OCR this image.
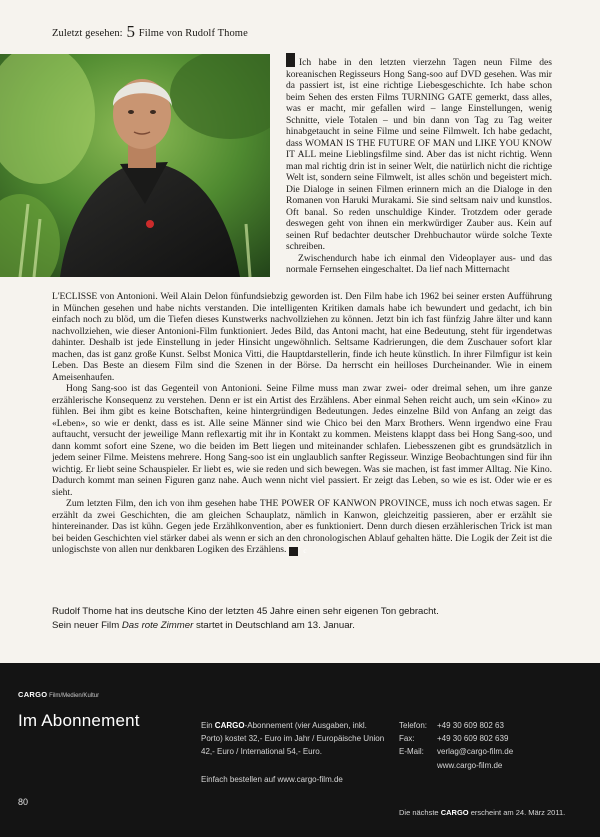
Zuletzt gesehen: 5 Filme von Rudolf Thome

Ich habe in den letzten vierzehn Tagen neun Filme des koreanischen Regisseurs Hong Sang-soo auf DVD gesehen. Was mir da passiert ist, ist eine richtige Liebesgeschichte. Ich habe schon beim Sehen des ersten Films TURNING GATE gemerkt, dass alles, was er macht, mir gefallen wird – lange Einstellungen, wenig Schnitte, viele Totalen – und bin dann von Tag zu Tag weiter hinabgetaucht in seine Filme und seine Filmwelt. Ich habe gedacht, dass WOMAN IS THE FUTURE OF MAN und LIKE YOU KNOW IT ALL meine Lieblingsfilme sind. Aber das ist nicht richtig. Wenn man mal richtig drin ist in seiner Welt, die natürlich nicht die richtige Welt ist, sondern seine Filmwelt, ist alles schön und begeistert mich. Die Dialoge in seinen Filmen erinnern mich an die Dialoge in den Romanen von Haruki Murakami. Sie sind seltsam naiv und kunstlos. Oft banal. So reden unschuldige Kinder. Trotzdem oder gerade deswegen geht von ihnen ein merkwürdiger Zauber aus. Kein auf seinen Ruf bedachter deutscher Drehbuchautor würde solche Texte schreiben.

Zwischendurch habe ich einmal den Videoplayer aus- und das normale Fernsehen eingeschaltet. Da lief nach Mitternacht

L'ECLISSE von Antonioni. Weil Alain Delon fünfundsiebzig geworden ist. Den Film habe ich 1962 bei seiner ersten Aufführung in München gesehen und habe nichts verstanden. Die intelligenten Kritiken damals habe ich bewundert und gedacht, ich bin einfach noch zu blöd, um die Tiefen dieses Kunstwerks nachvollziehen zu können. Jetzt bin ich fast fünfzig Jahre älter und kann nachvollziehen, wie dieser Antonioni-Film funktioniert. Jedes Bild, das Antoni macht, hat eine Bedeutung, steht für irgendetwas dahinter. Deshalb ist jede Einstellung in jeder Hinsicht ungewöhnlich. Seltsame Kadrierungen, die dem Zuschauer sofort klar machen, das ist ganz große Kunst. Selbst Monica Vitti, die Hauptdarstellerin, finde ich heute künstlich. In ihrer Filmfigur ist kein Leben. Das Beste an diesem Film sind die Szenen in der Börse. Da herrscht ein heilloses Durcheinander. Wie in einem Ameisenhaufen.

Hong Sang-soo ist das Gegenteil von Antonioni. Seine Filme muss man zwar zwei- oder dreimal sehen, um ihre ganze erzählerische Konsequenz zu verstehen. Denn er ist ein Artist des Erzählens. Aber einmal Sehen reicht auch, um sein «Kino» zu fühlen. Bei ihm gibt es keine Botschaften, keine hintergründigen Bedeutungen. Jedes einzelne Bild von Anfang an zeigt das «Leben», so wie er denkt, dass es ist. Alle seine Männer sind wie Chico bei den Marx Brothers. Wenn irgendwo eine Frau auftaucht, versucht der jeweilige Mann reflexartig mit ihr in Kontakt zu kommen. Meistens klappt dass bei Hong Sang-soo, und dann kommt sofort eine Szene, wo die beiden im Bett liegen und miteinander schlafen. Liebesszenen gibt es grundsätzlich in jedem seiner Filme. Meistens mehrere. Hong Sang-soo ist ein unglaublich sanfter Regisseur. Winzige Beobachtungen sind für ihn wichtig. Er liebt seine Schauspieler. Er liebt es, wie sie reden und sich bewegen. Was sie machen, ist fast immer Alltag. Nie Kino. Dadurch kommt man seinen Figuren ganz nahe. Auch wenn nicht viel passiert. Er zeigt das Leben, so wie es ist. Oder wie er es sieht.

Zum letzten Film, den ich von ihm gesehen habe THE POWER OF KANWON PROVINCE, muss ich noch etwas sagen. Er erzählt da zwei Geschichten, die am gleichen Schauplatz, nämlich in Kanwon, gleichzeitig passieren, aber er erzählt sie hintereinander. Das ist kühn. Gegen jede Erzählkonvention, aber es funktioniert. Denn durch diesen erzählerischen Trick ist man bei beiden Geschichten viel stärker dabei als wenn er sich an den chronologischen Ablauf gehalten hätte. Die Logik der Zeit ist die unlogischste von allen nur denkbaren Logiken des Erzählens. c

Rudolf Thome hat ins deutsche Kino der letzten 45 Jahre einen sehr eigenen Ton gebracht.
Sein neuer Film Das rote Zimmer startet in Deutschland am 13. Januar.
CARGO Film/Medien/Kultur
Im Abonnement	Ein CARGO-Abonnement (vier Ausgaben, inkl. Porto) kostet 32,- Euro im Jahr / Europäische Union 42,- Euro / International 54,- Euro.
Einfach bestellen auf www.cargo-film.de
Telefon:	+49 30 609 802 63
Fax:	+49 30 609 802 639
E-Mail:	verlag@cargo-film.de
www.cargo-film.de
Die nächste CARGO erscheint am 24. März 2011.
80
